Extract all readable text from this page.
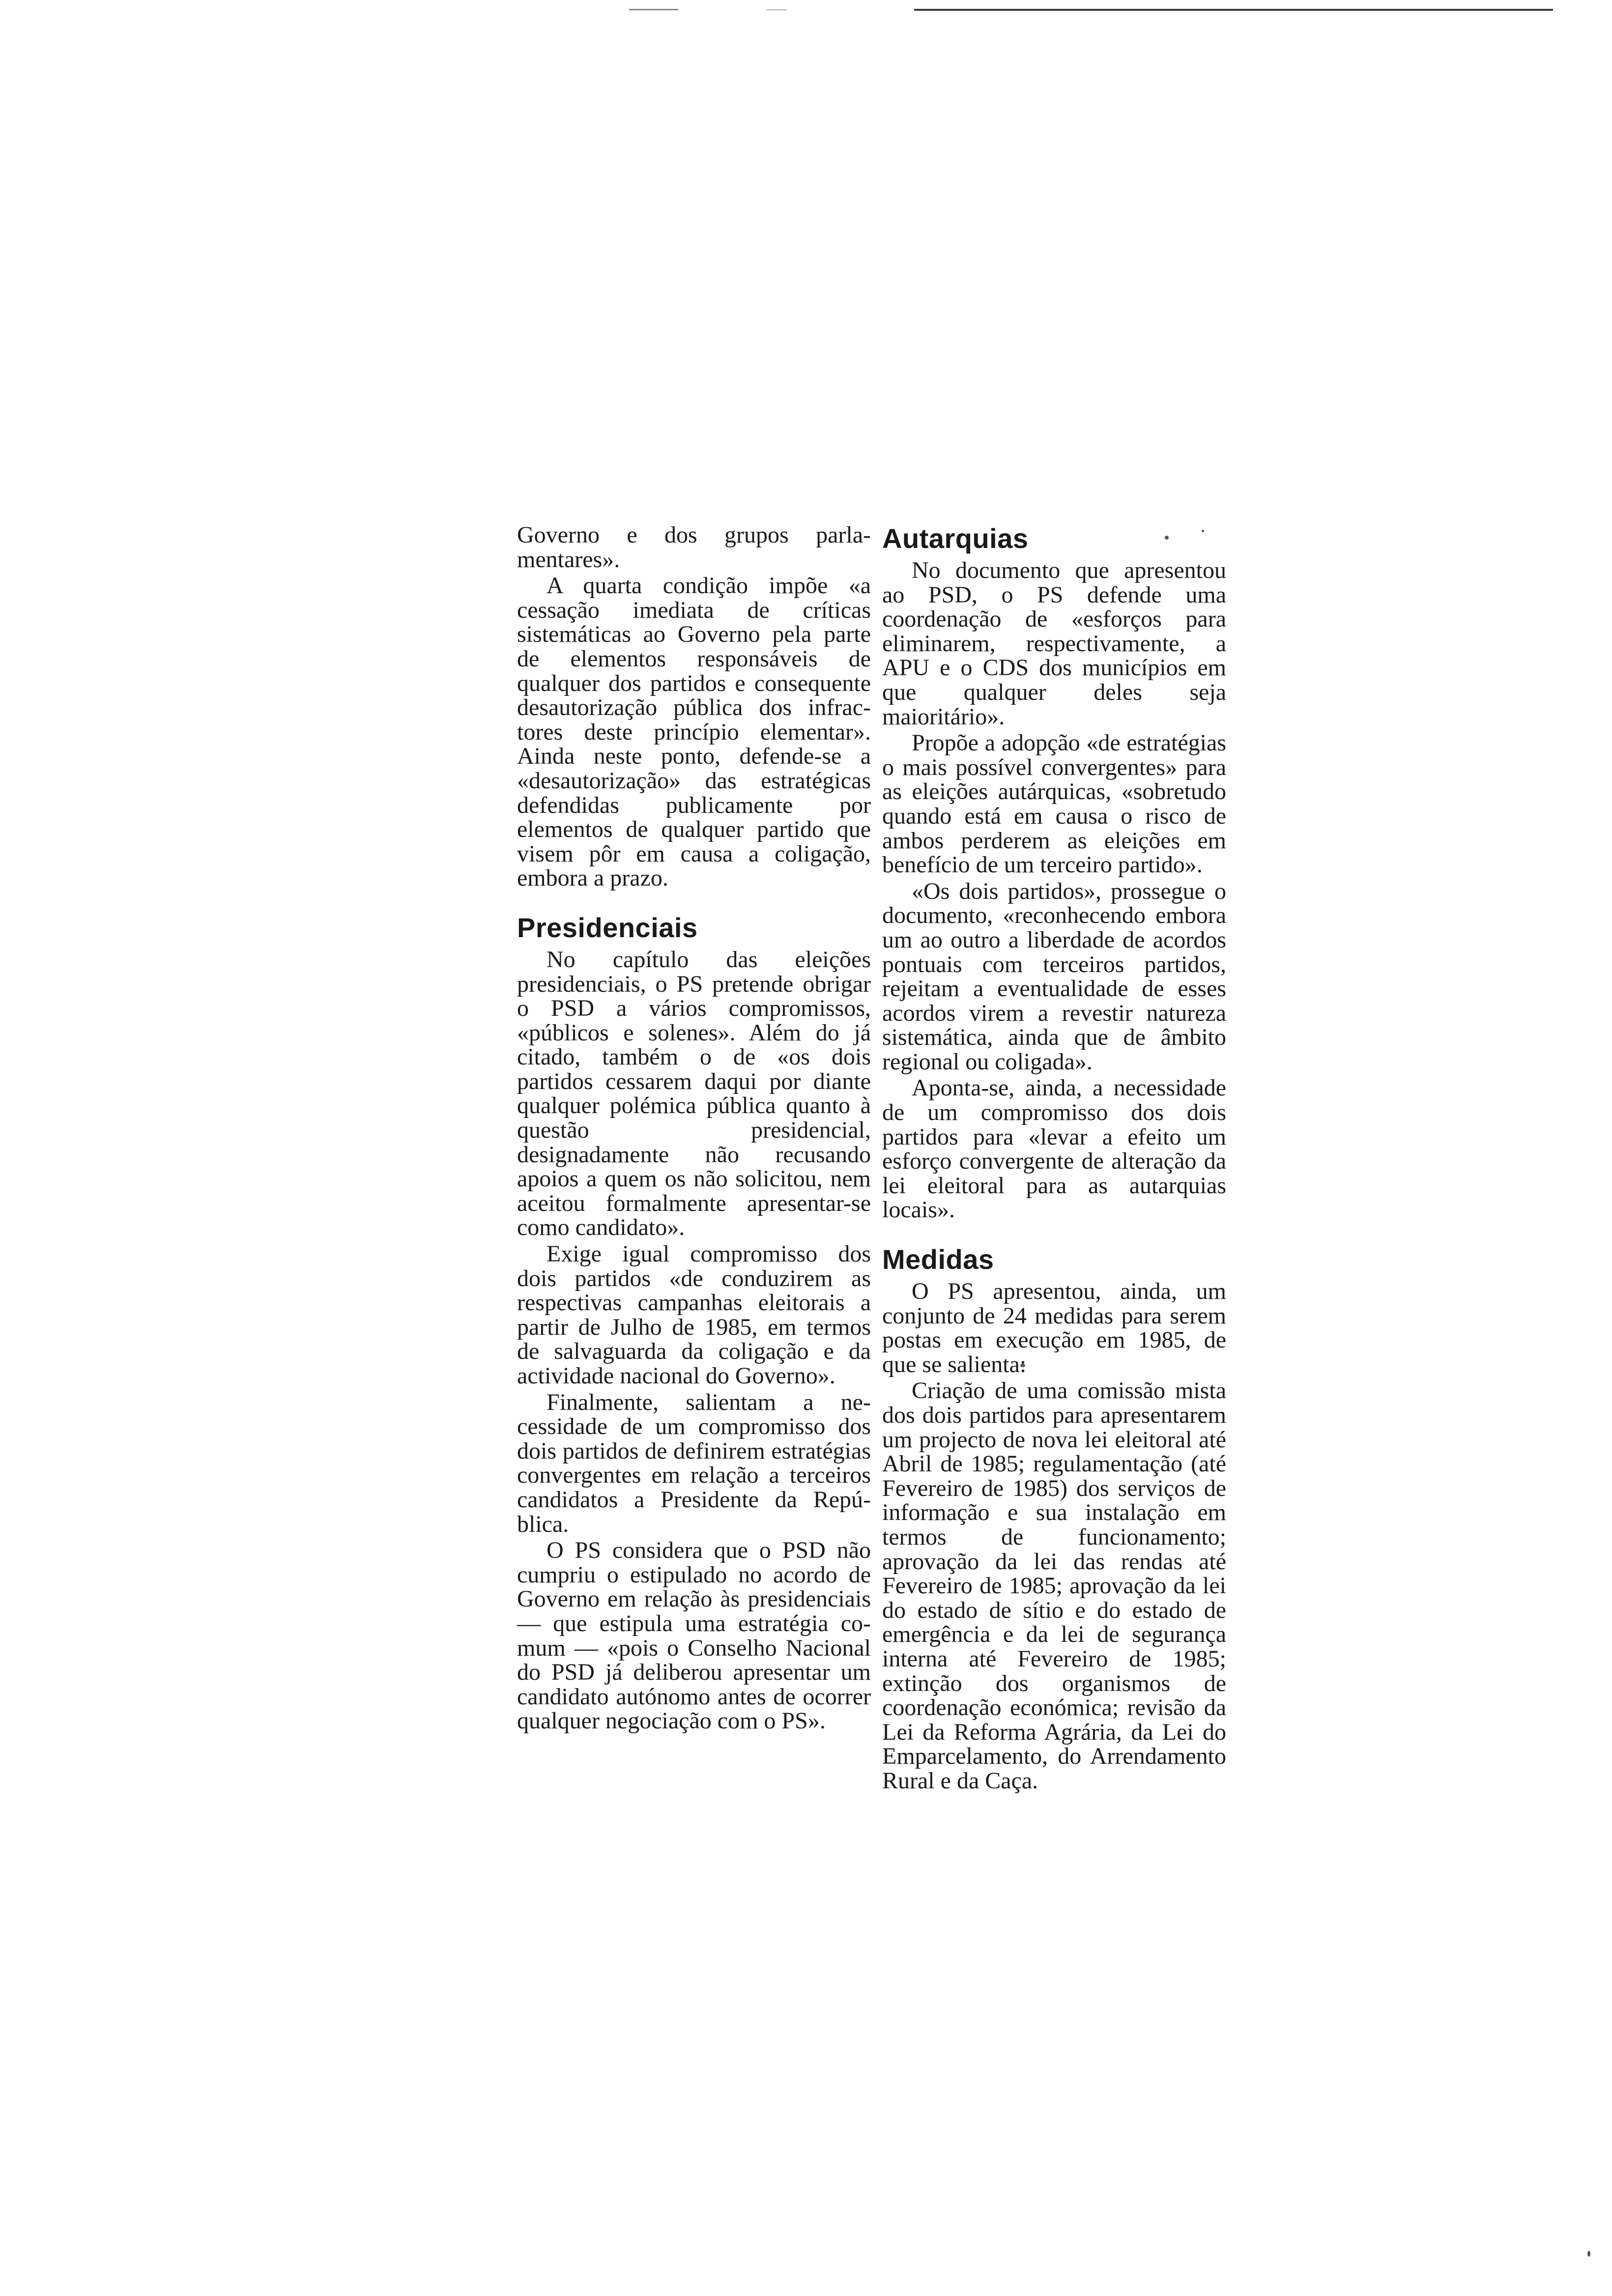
Governo e dos grupos parlamentares».

A quarta condição impõe «a cessação imediata de críticas sistemáticas ao Governo pela parte de elementos responsáveis de qualquer dos partidos e consequente desautorização pública dos infractores deste princípio elementar». Ainda neste ponto, defende-se a «desautorização» das estratégicas defendidas publicamente por elementos de qualquer partido que visem pôr em causa a coligação, embora a prazo.

Presidenciais

No capítulo das eleições presidenciais, o PS pretende obrigar o PSD a vários compromissos, «públicos e solenes». Além do já citado, também o de «os dois partidos cessarem daqui por diante qualquer polémica pública quanto à questão presidencial, designadamente não recusando apoios a quem os não solicitou, nem aceitou formalmente apresentar-se como candidato».

Exige igual compromisso dos dois partidos «de conduzirem as respectivas campanhas eleitorais a partir de Julho de 1985, em termos de salvaguarda da coligação e da actividade nacional do Governo».

Finalmente, salientam a necessidade de um compromisso dos dois partidos de definirem estratégias convergentes em relação a terceiros candidatos a Presidente da República.

O PS considera que o PSD não cumpriu o estipulado no acordo de Governo em relação às presidenciais — que estipula uma estratégia comum — «pois o Conselho Nacional do PSD já deliberou apresentar um candidato autónomo antes de ocorrer qualquer negociação com o PS».

Autarquias

No documento que apresentou ao PSD, o PS defende uma coordenação de «esforços para eliminarem, respectivamente, a APU e o CDS dos municípios em que qualquer deles seja maioritário».

Propõe a adopção «de estratégias o mais possível convergentes» para as eleições autárquicas, «sobretudo quando está em causa o risco de ambos perderem as eleições em benefício de um terceiro partido».

«Os dois partidos», prossegue o documento, «reconhecendo embora um ao outro a liberdade de acordos pontuais com terceiros partidos, rejeitam a eventualidade de esses acordos virem a revestir natureza sistemática, ainda que de âmbito regional ou coligada».

Aponta-se, ainda, a necessidade de um compromisso dos dois partidos para «levar a efeito um esforço convergente de alteração da lei eleitoral para as autarquias locais».

Medidas

O PS apresentou, ainda, um conjunto de 24 medidas para serem postas em execução em 1985, de que se salienta:

Criação de uma comissão mista dos dois partidos para apresentarem um projecto de nova lei eleitoral até Abril de 1985; regulamentação (até Fevereiro de 1985) dos serviços de informação e sua instalação em termos de funcionamento; aprovação da lei das rendas até Fevereiro de 1985; aprovação da lei do estado de sítio e do estado de emergência e da lei de segurança interna até Fevereiro de 1985; extinção dos organismos de coordenação económica; revisão da Lei da Reforma Agrária, da Lei do Emparcelamento, do Arrendamento Rural e da Caça.
